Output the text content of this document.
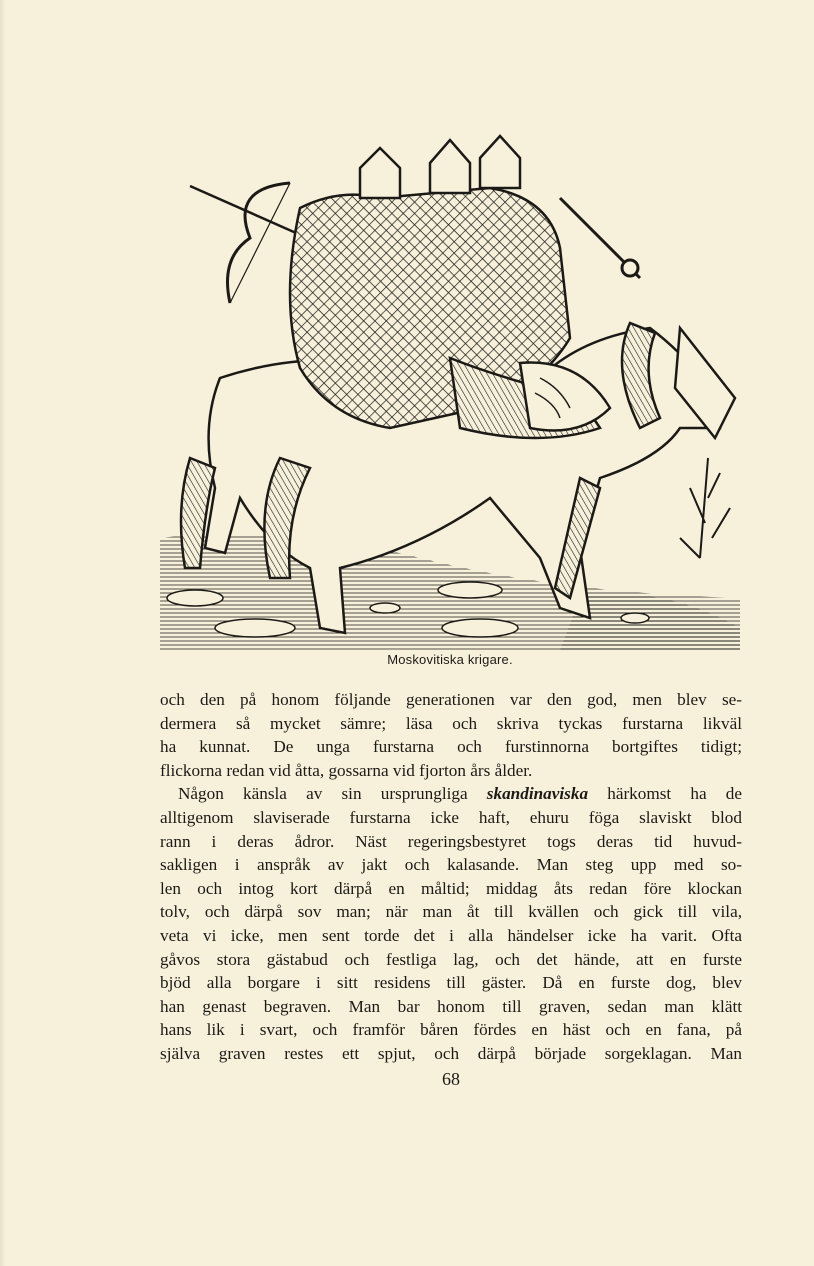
Moskovitiska krigare.
och den på honom följande generationen var den god, men blev se-
dermera så mycket sämre; läsa och skriva tyckas furstarna likväl
ha kunnat. De unga furstarna och furstinnorna bortgiftes tidigt;
flickorna redan vid åtta, gossarna vid fjorton års ålder.
Någon känsla av sin ursprungliga skandinaviska härkomst ha de
alltigenom slaviserade furstarna icke haft, ehuru föga slaviskt blod
rann i deras ådror. Näst regeringsbestyret togs deras tid huvud-
sakligen i anspråk av jakt och kalasande. Man steg upp med so-
len och intog kort därpå en måltid; middag åts redan före klockan
tolv, och därpå sov man; när man åt till kvällen och gick till vila,
veta vi icke, men sent torde det i alla händelser icke ha varit. Ofta
gåvos stora gästabud och festliga lag, och det hände, att en furste
bjöd alla borgare i sitt residens till gäster. Då en furste dog, blev
han genast begraven. Man bar honom till graven, sedan man klätt
hans lik i svart, och framför båren fördes en häst och en fana, på
själva graven restes ett spjut, och därpå började sorgeklagan. Man
68
